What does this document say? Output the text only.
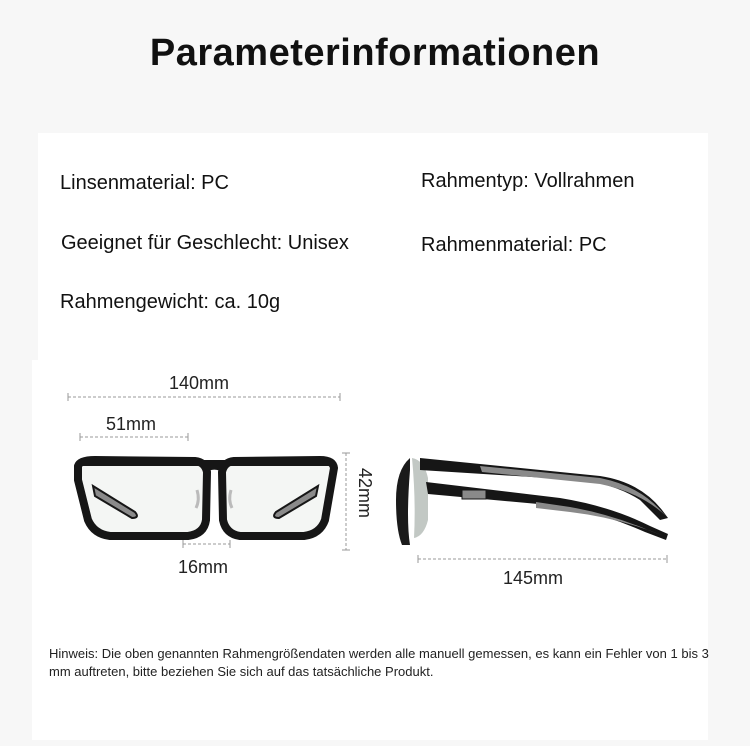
Parameterinformationen
Linsenmaterial: PC	Rahmentyp: Vollrahmen
Geeignet für Geschlecht: Unisex	Rahmenmaterial: PC
Rahmengewicht: ca. 10g
140mm
51mm
16mm
42mm
145mm
Hinweis: Die oben genannten Rahmengrößendaten werden alle manuell gemessen, es kann ein Fehler von 1 bis 3 mm auftreten, bitte beziehen Sie sich auf das tatsächliche Produkt.
